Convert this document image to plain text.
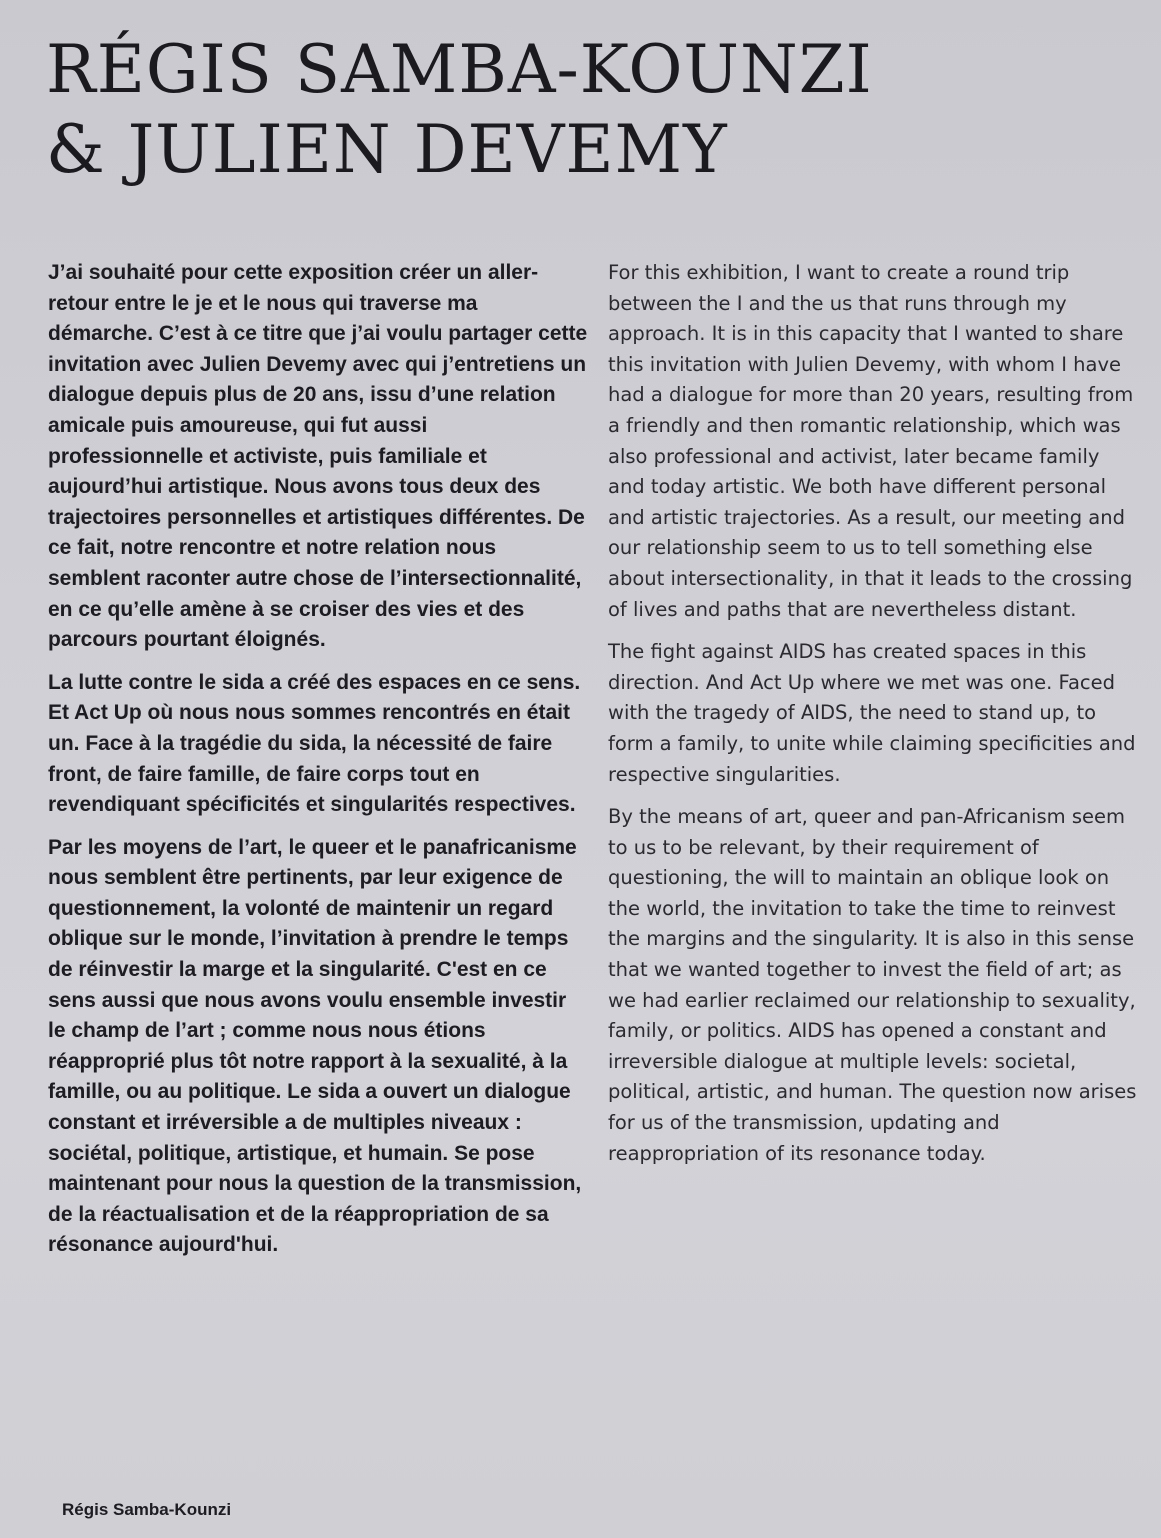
RÉGIS SAMBA-KOUNZI
& JULIEN DEVEMY

J’ai souhaité pour cette exposition créer un aller-retour entre le je et le nous qui traverse ma démarche. C’est à ce titre que j’ai voulu partager cette invitation avec Julien Devemy avec qui j’entretiens un dialogue depuis plus de 20 ans, issu d’une relation amicale puis amoureuse, qui fut aussi professionnelle et activiste, puis familiale et aujourd’hui artistique. Nous avons tous deux des trajectoires personnelles et artistiques différentes. De ce fait, notre rencontre et notre relation nous semblent raconter autre chose de l’intersectionnalité, en ce qu’elle amène à se croiser des vies et des parcours pourtant éloignés.

La lutte contre le sida a créé des espaces en ce sens. Et Act Up où nous nous sommes rencontrés en était un. Face à la tragédie du sida, la nécessité de faire front, de faire famille, de faire corps tout en revendiquant spécificités et singularités respectives.

Par les moyens de l’art, le queer et le panafricanisme nous semblent être pertinents, par leur exigence de questionnement, la volonté de maintenir un regard oblique sur le monde, l’invitation à prendre le temps de réinvestir la marge et la singularité. C'est en ce sens aussi que nous avons voulu ensemble investir le champ de l’art ; comme nous nous étions réapproprié plus tôt notre rapport à la sexualité, à la famille, ou au politique. Le sida a ouvert un dialogue constant et irréversible a de multiples niveaux : sociétal, politique, artistique, et humain. Se pose maintenant pour nous la question de la transmission, de la réactualisation et de la réappropriation de sa résonance aujourd'hui.

For this exhibition, I want to create a round trip between the I and the us that runs through my approach. It is in this capacity that I wanted to share this invitation with Julien Devemy, with whom I have had a dialogue for more than 20 years, resulting from a friendly and then romantic relationship, which was also professional and activist, later became family and today artistic. We both have different personal and artistic trajectories. As a result, our meeting and our relationship seem to us to tell something else about intersectionality, in that it leads to the crossing of lives and paths that are nevertheless distant.

The fight against AIDS has created spaces in this direction. And Act Up where we met was one. Faced with the tragedy of AIDS, the need to stand up, to form a family, to unite while claiming specificities and respective singularities.

By the means of art, queer and pan-Africanism seem to us to be relevant, by their requirement of questioning, the will to maintain an oblique look on the world, the invitation to take the time to reinvest the margins and the singularity. It is also in this sense that we wanted together to invest the field of art; as we had earlier reclaimed our relationship to sexuality, family, or politics. AIDS has opened a constant and irreversible dialogue at multiple levels: societal, political, artistic, and human. The question now arises for us of the transmission, updating and reappropriation of its resonance today.

Régis Samba-Kounzi
